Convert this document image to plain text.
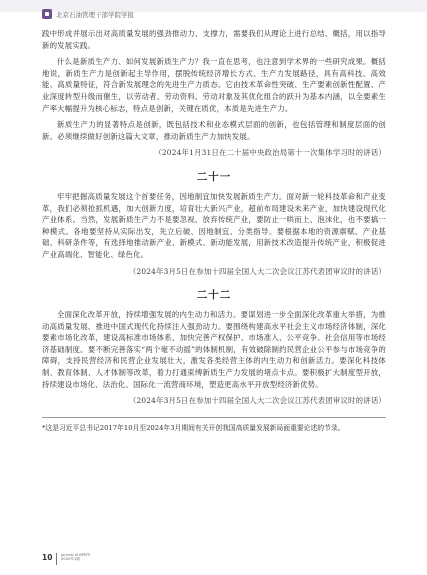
北京石油管理干部学院学报

践中形成并展示出对高质量发展的强劲推动力、支撑力，需要我们从理论上进行总结、概括，用以指导新的发展实践。

什么是新质生产力、如何发展新质生产力？我一直在思考，也注意到学术界的一些研究成果。概括地说，新质生产力是创新起主导作用，摆脱传统经济增长方式、生产力发展路径，具有高科技、高效能、高质量特征，符合新发展理念的先进生产力质态。它由技术革命性突破、生产要素创新性配置、产业深度转型升级而催生，以劳动者、劳动资料、劳动对象及其优化组合的跃升为基本内涵，以全要素生产率大幅提升为核心标志，特点是创新，关键在质优，本质是先进生产力。

新质生产力的显著特点是创新，既包括技术和业态模式层面的创新，也包括管理和制度层面的创新。必须继续做好创新这篇大文章，推动新质生产力加快发展。

（2024年1月31日在二十届中央政治局第十一次集体学习时的讲话）

二十一

牢牢把握高质量发展这个首要任务，因地制宜加快发展新质生产力。面对新一轮科技革命和产业变革，我们必须抢抓机遇，加大创新力度，培育壮大新兴产业，超前布局建设未来产业，加快建设现代化产业体系。当然，发展新质生产力不是要忽视、放弃传统产业，要防止一哄而上、泡沫化，也不要搞一种模式。各地要坚持从实际出发，先立后破、因地制宜、分类指导。要根据本地的资源禀赋、产业基础、科研条件等，有选择地推动新产业、新模式、新动能发展，用新技术改造提升传统产业，积极促进产业高端化、智能化、绿色化。

（2024年3月5日在参加十四届全国人大二次会议江苏代表团审议时的讲话）

二十二

全面深化改革开放，持续增强发展的内生动力和活力。要谋划进一步全面深化改革重大举措，为推动高质量发展、推进中国式现代化持续注入强劲动力。要围绕构建高水平社会主义市场经济体制，深化要素市场化改革，建设高标准市场体系，加快完善产权保护、市场准入、公平竞争、社会信用等市场经济基础制度。要不断完善落实“两个毫不动摇”的体制机制，有效破除制约民营企业公平参与市场竞争的障碍，支持民营经济和民营企业发展壮大，激发各类经营主体的内生动力和创新活力。要深化科技体制、教育体制、人才体制等改革，着力打通束缚新质生产力发展的堵点卡点。要积极扩大制度型开放，持续建设市场化、法治化、国际化一流营商环境，塑造更高水平开放型经济新优势。

（2024年3月5日在参加十四届全国人大二次会议江苏代表团审议时的讲话）

*这是习近平总书记2017年10月至2024年3月期间有关开创我国高质量发展新局面重要论述的节录。

10 Journal of BPMTI
2025年1期
